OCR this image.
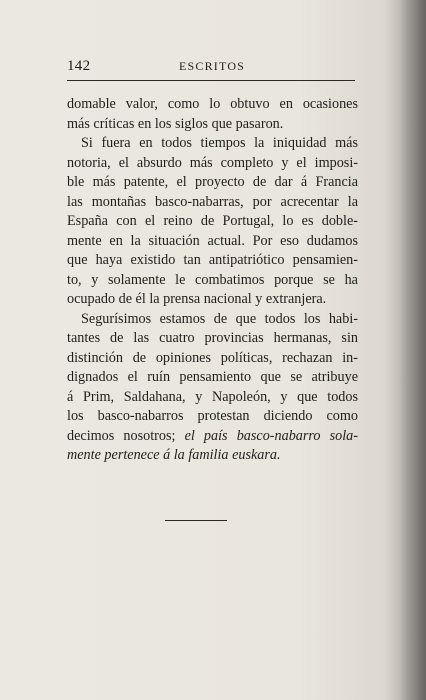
142	ESCRITOS
domable valor, como lo obtuvo en ocasiones
más críticas en los siglos que pasaron.
Si fuera en todos tiempos la iniquidad más
notoria, el absurdo más completo y el imposi-
ble más patente, el proyecto de dar á Francia
las montañas basco-nabarras, por acrecentar la
España con el reino de Portugal, lo es doble-
mente en la situación actual. Por eso dudamos
que haya existido tan antipatriótico pensamien-
to, y solamente le combatimos porque se ha
ocupado de él la prensa nacional y extranjera.
Segurísimos estamos de que todos los habi-
tantes de las cuatro provincias hermanas, sin
distinción de opiniones políticas, rechazan in-
dignados el ruín pensamiento que se atribuye
á Prim, Saldahana, y Napoleón, y que todos
los basco-nabarros protestan diciendo como
decimos nosotros; el país basco-nabarro sola-
mente pertenece á la familia euskara.
